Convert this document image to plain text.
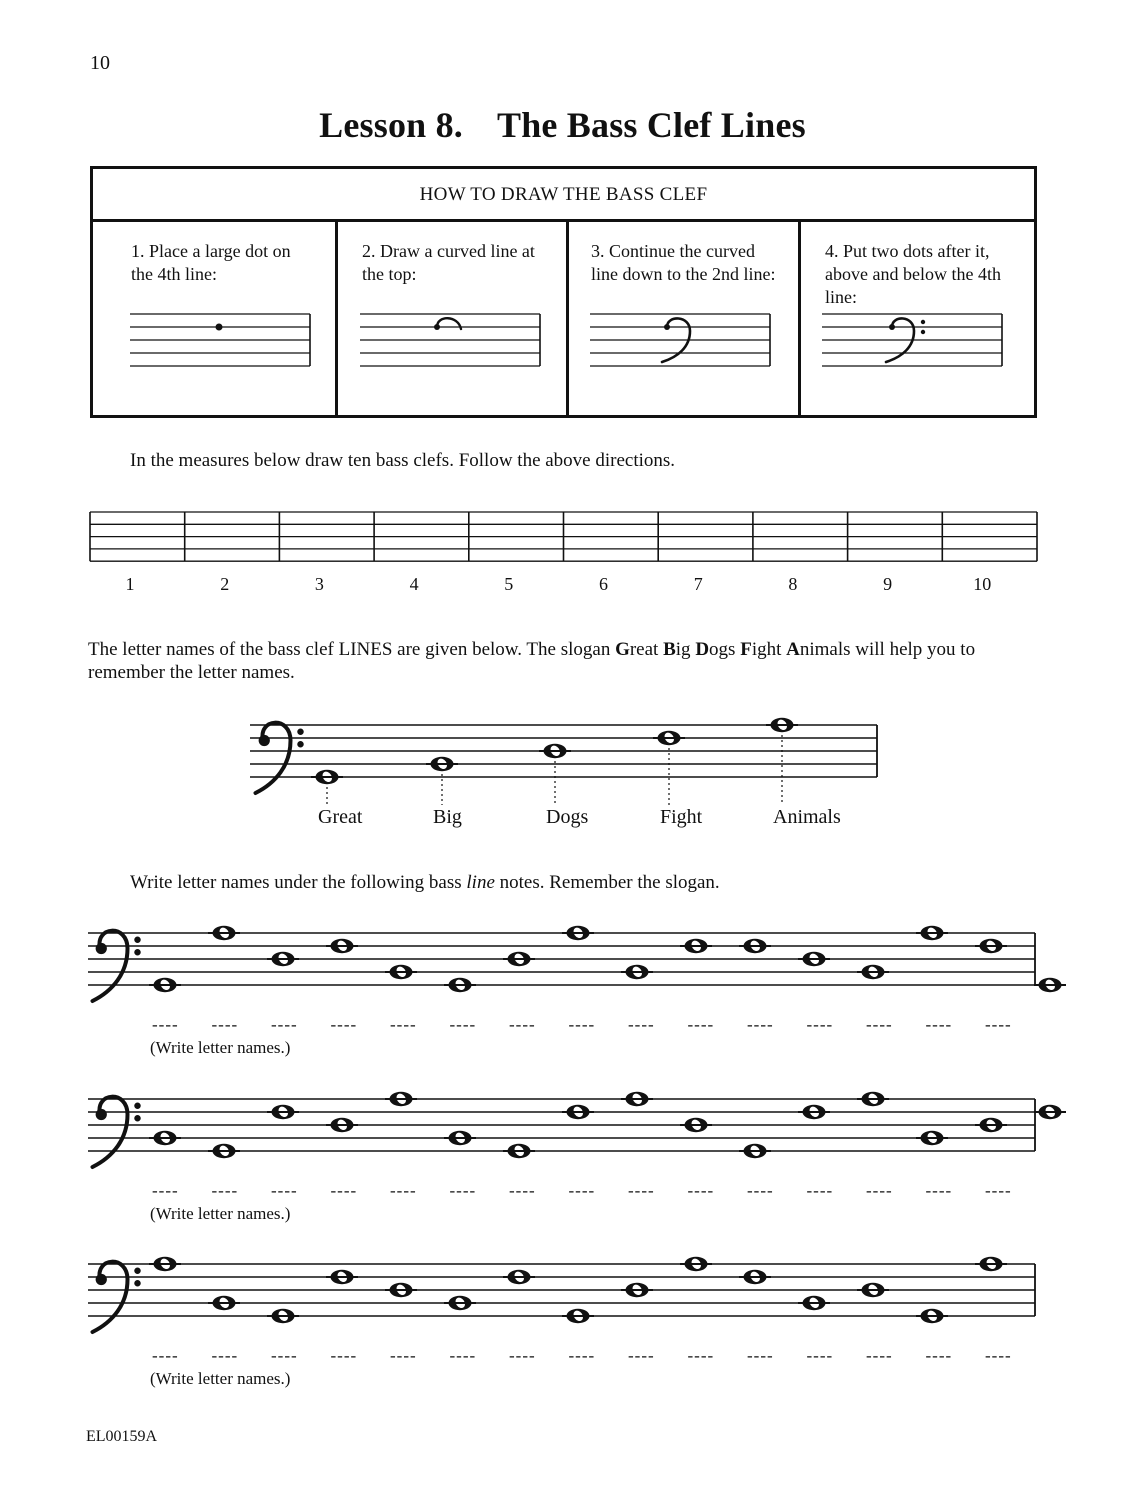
10
Lesson 8. The Bass Clef Lines
HOW TO DRAW THE BASS CLEF
1. Place a large dot on the 4th line:
2. Draw a curved line at the top:
3. Continue the curved line down to the 2nd line:
4. Put two dots after it, above and below the 4th line:
In the measures below draw ten bass clefs. Follow the above directions.
1	2	3	4	5	6	7	8	9	10
The letter names of the bass clef LINES are given below. The slogan Great Big Dogs Fight Animals will help you to remember the letter names.
Great	Big	Dogs	Fight	Animals
Write letter names under the following bass line notes. Remember the slogan.
---- ---- ---- ---- ---- ---- ---- ---- ---- ---- ---- ---- ---- ---- ----
(Write letter names.)
---- ---- ---- ---- ---- ---- ---- ---- ---- ---- ---- ---- ---- ---- ----
(Write letter names.)
---- ---- ---- ---- ---- ---- ---- ---- ---- ---- ---- ---- ---- ---- ----
(Write letter names.)
EL00159A
